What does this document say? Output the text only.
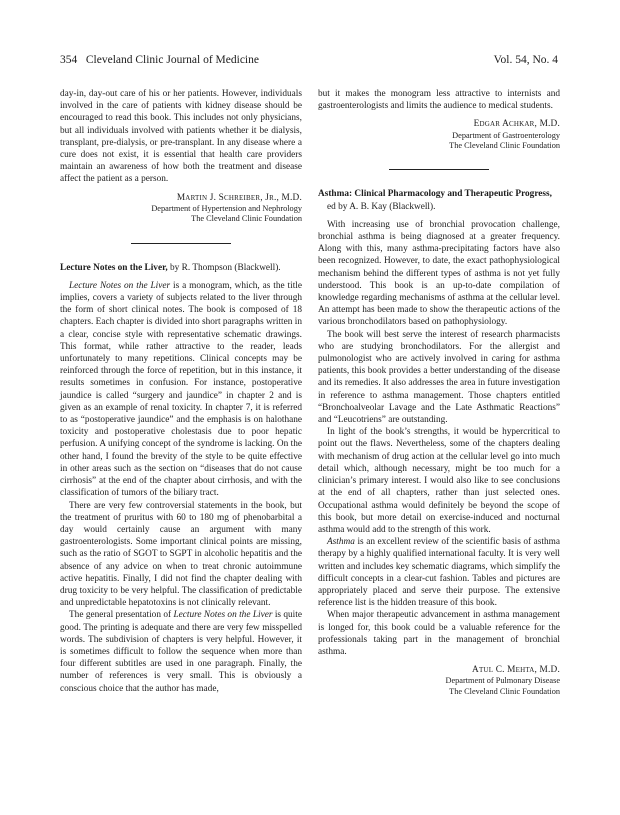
354 Cleveland Clinic Journal of Medicine	Vol. 54, No. 4

day-in, day-out care of his or her patients. However, individuals involved in the care of patients with kidney disease should be encouraged to read this book. This includes not only physicians, but all individuals involved with patients whether it be dialysis, transplant, pre-dialysis, or pre-transplant. In any disease where a cure does not exist, it is essential that health care providers maintain an awareness of how both the treatment and disease affect the patient as a person.

Martin J. Schreiber, Jr., M.D.
Department of Hypertension and Nephrology
The Cleveland Clinic Foundation

Lecture Notes on the Liver, by R. Thompson (Blackwell).

Lecture Notes on the Liver is a monogram, which, as the title implies, covers a variety of subjects related to the liver through the form of short clinical notes. The book is composed of 18 chapters. Each chapter is divided into short paragraphs written in a clear, concise style with representative schematic drawings. This format, while rather attractive to the reader, leads unfortunately to many repetitions. Clinical concepts may be reinforced through the force of repetition, but in this instance, it results sometimes in confusion. For instance, postoperative jaundice is called “surgery and jaundice” in chapter 2 and is given as an example of renal toxicity. In chapter 7, it is referred to as “postoperative jaundice” and the emphasis is on halothane toxicity and postoperative cholestasis due to poor hepatic perfusion. A unifying concept of the syndrome is lacking. On the other hand, I found the brevity of the style to be quite effective in other areas such as the section on “diseases that do not cause cirrhosis” at the end of the chapter about cirrhosis, and with the classification of tumors of the biliary tract.

There are very few controversial statements in the book, but the treatment of pruritus with 60 to 180 mg of phenobarbital a day would certainly cause an argument with many gastroenterologists. Some important clinical points are missing, such as the ratio of SGOT to SGPT in alcoholic hepatitis and the absence of any advice on when to treat chronic autoimmune active hepatitis. Finally, I did not find the chapter dealing with drug toxicity to be very helpful. The classification of predictable and unpredictable hepatotoxins is not clinically relevant.

The general presentation of Lecture Notes on the Liver is quite good. The printing is adequate and there are very few misspelled words. The subdivision of chapters is very helpful. However, it is sometimes difficult to follow the sequence when more than four different subtitles are used in one paragraph. Finally, the number of references is very small. This is obviously a conscious choice that the author has made,

but it makes the monogram less attractive to internists and gastroenterologists and limits the audience to medical students.

Edgar Achkar, M.D.
Department of Gastroenterology
The Cleveland Clinic Foundation

Asthma: Clinical Pharmacology and Therapeutic Progress, ed by A. B. Kay (Blackwell).

With increasing use of bronchial provocation challenge, bronchial asthma is being diagnosed at a greater frequency. Along with this, many asthma-precipitating factors have also been recognized. However, to date, the exact pathophysiological mechanism behind the different types of asthma is not yet fully understood. This book is an up-to-date compilation of knowledge regarding mechanisms of asthma at the cellular level. An attempt has been made to show the therapeutic actions of the various bronchodilators based on pathophysiology.

The book will best serve the interest of research pharmacists who are studying bronchodilators. For the allergist and pulmonologist who are actively involved in caring for asthma patients, this book provides a better understanding of the disease and its remedies. It also addresses the area in future investigation in reference to asthma management. Those chapters entitled “Bronchoalveolar Lavage and the Late Asthmatic Reactions” and “Leucotriens” are outstanding.

In light of the book’s strengths, it would be hypercritical to point out the flaws. Nevertheless, some of the chapters dealing with mechanism of drug action at the cellular level go into much detail which, although necessary, might be too much for a clinician’s primary interest. I would also like to see conclusions at the end of all chapters, rather than just selected ones. Occupational asthma would definitely be beyond the scope of this book, but more detail on exercise-induced and nocturnal asthma would add to the strength of this work.

Asthma is an excellent review of the scientific basis of asthma therapy by a highly qualified international faculty. It is very well written and includes key schematic diagrams, which simplify the difficult concepts in a clear-cut fashion. Tables and pictures are appropriately placed and serve their purpose. The extensive reference list is the hidden treasure of this book.

When major therapeutic advancement in asthma management is longed for, this book could be a valuable reference for the professionals taking part in the management of bronchial asthma.

Atul C. Mehta, M.D.
Department of Pulmonary Disease
The Cleveland Clinic Foundation
